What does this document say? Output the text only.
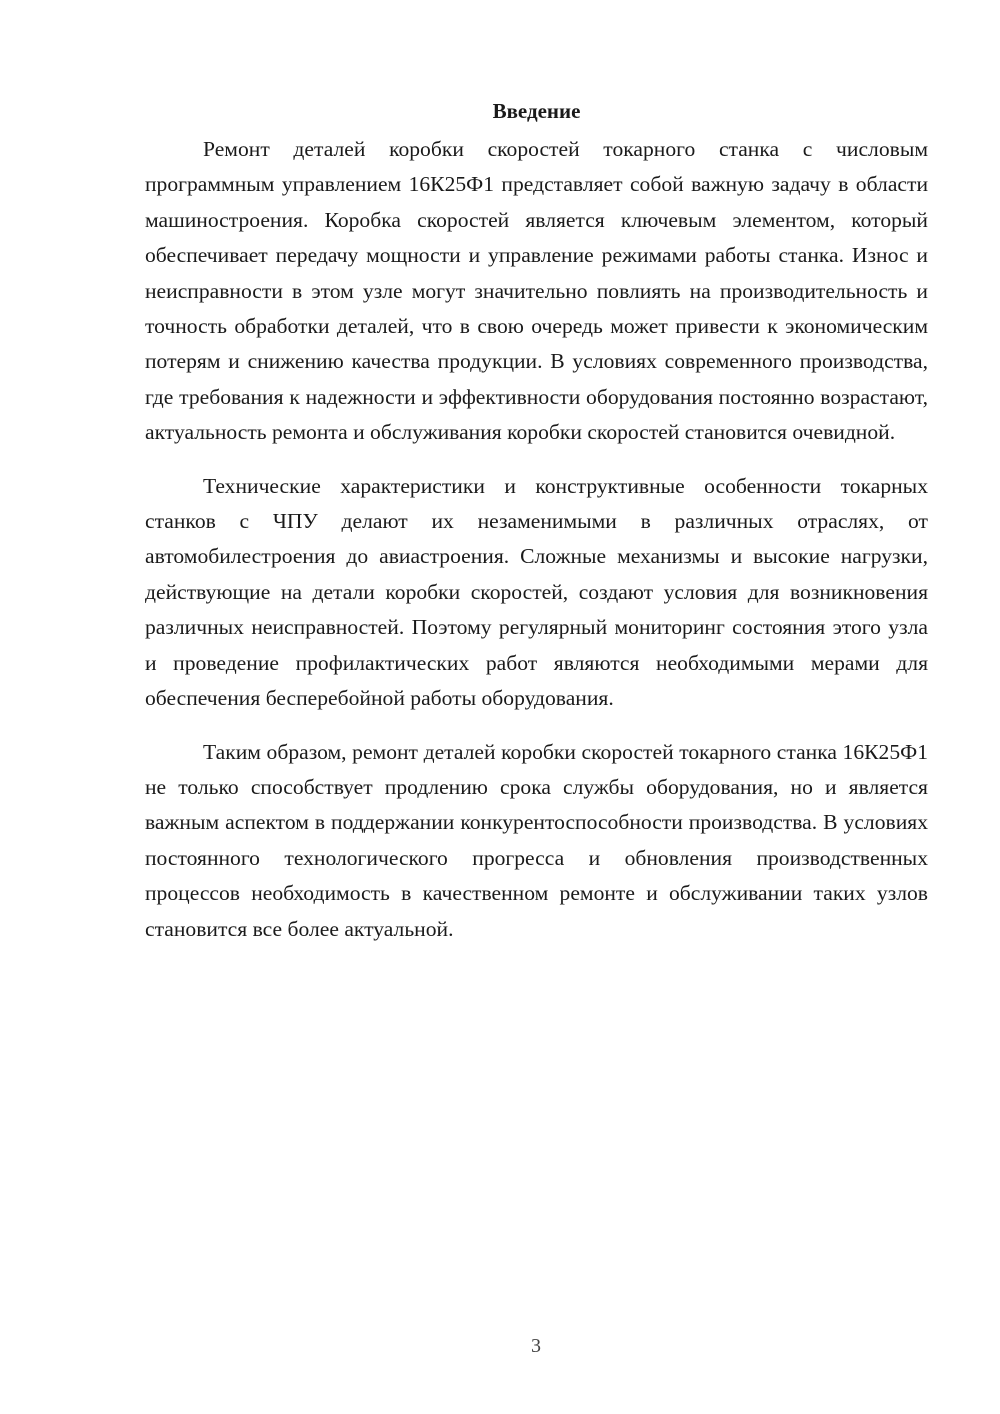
Введение

Ремонт деталей коробки скоростей токарного станка с числовым программным управлением 16К25Ф1 представляет собой важную задачу в области машиностроения. Коробка скоростей является ключевым элементом, который обеспечивает передачу мощности и управление режимами работы станка. Износ и неисправности в этом узле могут значительно повлиять на производительность и точность обработки деталей, что в свою очередь может привести к экономическим потерям и снижению качества продукции. В условиях современного производства, где требования к надежности и эффективности оборудования постоянно возрастают, актуальность ремонта и обслуживания коробки скоростей становится очевидной.

Технические характеристики и конструктивные особенности токарных станков с ЧПУ делают их незаменимыми в различных отраслях, от автомобилестроения до авиастроения. Сложные механизмы и высокие нагрузки, действующие на детали коробки скоростей, создают условия для возникновения различных неисправностей. Поэтому регулярный мониторинг состояния этого узла и проведение профилактических работ являются необходимыми мерами для обеспечения бесперебойной работы оборудования.

Таким образом, ремонт деталей коробки скоростей токарного станка 16К25Ф1 не только способствует продлению срока службы оборудования, но и является важным аспектом в поддержании конкурентоспособности производства. В условиях постоянного технологического прогресса и обновления производственных процессов необходимость в качественном ремонте и обслуживании таких узлов становится все более актуальной.

3
